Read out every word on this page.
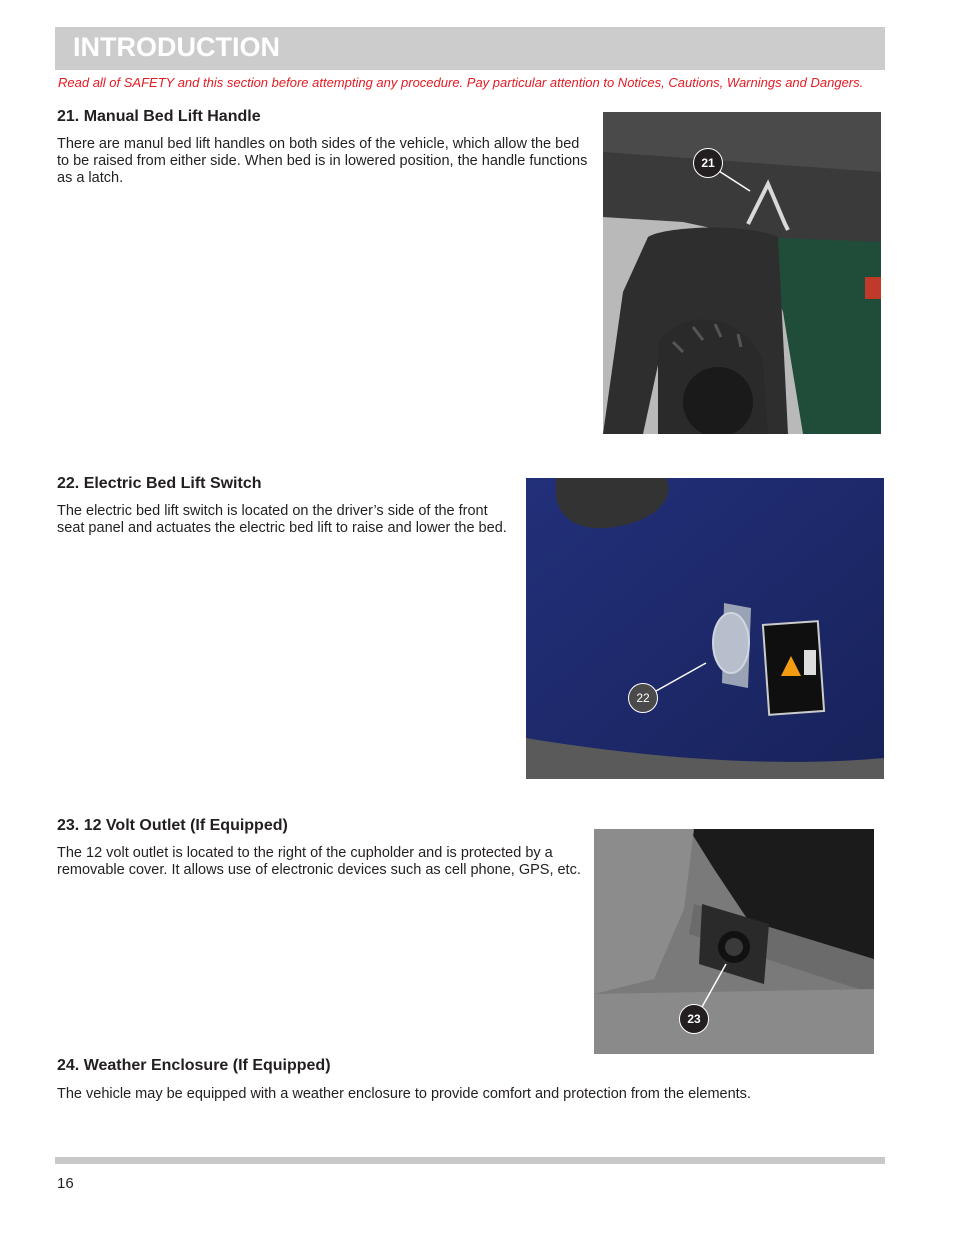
INTRODUCTION
Read all of SAFETY and this section before attempting any procedure. Pay particular attention to Notices, Cautions, Warnings and Dangers.
21. Manual Bed Lift Handle
There are manul bed lift handles on both sides of the vehicle, which allow the bed to be raised from either side. When bed is in lowered position, the handle functions as a latch.
21
22. Electric Bed Lift Switch
The electric bed lift switch is located on the driver’s side of the front seat panel and actuates the electric bed lift to raise and lower the bed.
22
23. 12 Volt Outlet (If Equipped)
The 12 volt outlet is located to the right of the cupholder and is protected by a removable cover. It allows use of electronic devices such as cell phone, GPS, etc.
23
24. Weather Enclosure (If Equipped)
The vehicle may be equipped with a weather enclosure to provide comfort and protection from the elements.
16
